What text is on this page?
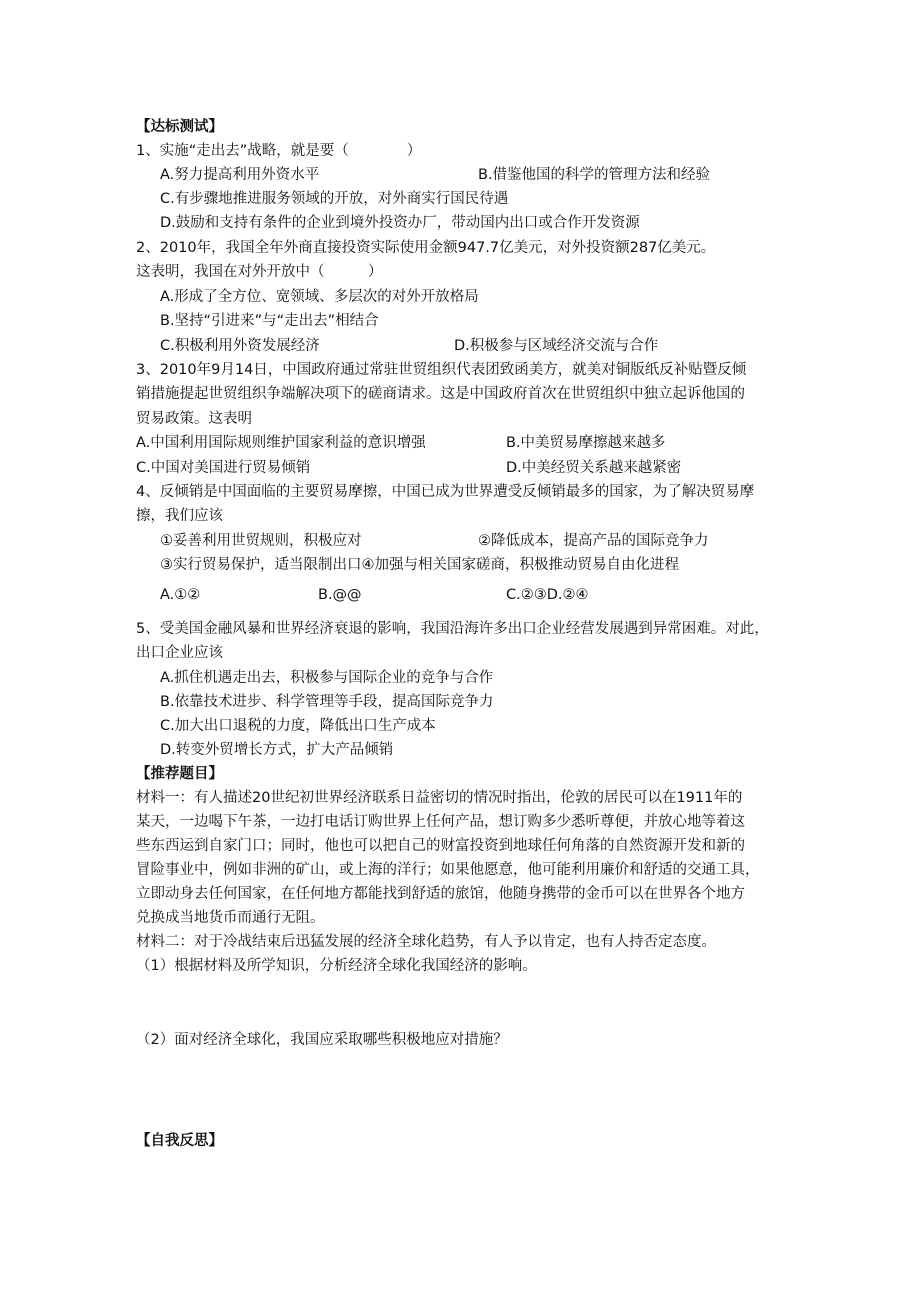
【达标测试】
1、实施“走出去”战略，就是要（　　　　）
A.努力提高利用外资水平	B.借鉴他国的科学的管理方法和经验
C.有步骤地推进服务领域的开放，对外商实行国民待遇
D.鼓励和支持有条件的企业到境外投资办厂，带动国内出口或合作开发资源
2、2010年，我国全年外商直接投资实际使用金额947.7亿美元，对外投资额287亿美元。
这表明，我国在对外开放中（　　　）
A.形成了全方位、宽领域、多层次的对外开放格局
B.坚持“引进来”与“走出去”相结合
C.积极利用外资发展经济	D.积极参与区域经济交流与合作
3、2010年9月14日，中国政府通过常驻世贸组织代表团致函美方，就美对铜版纸反补贴暨反倾
销措施提起世贸组织争端解决项下的磋商请求。这是中国政府首次在世贸组织中独立起诉他国的
贸易政策。这表明
A.中国利用国际规则维护国家利益的意识增强	B.中美贸易摩擦越来越多
C.中国对美国进行贸易倾销	D.中美经贸关系越来越紧密
4、反倾销是中国面临的主要贸易摩擦，中国已成为世界遭受反倾销最多的国家，为了解决贸易摩
擦，我们应该
①妥善利用世贸规则，积极应对	②降低成本，提高产品的国际竞争力
③实行贸易保护，适当限制出口④加强与相关国家磋商，积极推动贸易自由化进程
A.①②	B.@@	C.②③D.②④
5、受美国金融风暴和世界经济衰退的影响，我国沿海许多出口企业经营发展遇到异常困难。对此，
出口企业应该
A.抓住机遇走出去，积极参与国际企业的竞争与合作
B.依靠技术进步、科学管理等手段，提高国际竞争力
C.加大出口退税的力度，降低出口生产成本
D.转变外贸增长方式，扩大产品倾销
【推荐题目】
材料一：有人描述20世纪初世界经济联系日益密切的情况时指出，伦敦的居民可以在1911年的
某天，一边喝下午茶，一边打电话订购世界上任何产品，想订购多少悉听尊便，并放心地等着这
些东西运到自家门口；同时，他也可以把自己的财富投资到地球任何角落的自然资源开发和新的
冒险事业中，例如非洲的矿山，或上海的洋行；如果他愿意，他可能利用廉价和舒适的交通工具，
立即动身去任何国家，在任何地方都能找到舒适的旅馆，他随身携带的金币可以在世界各个地方
兑换成当地货币而通行无阻。
材料二：对于冷战结束后迅猛发展的经济全球化趋势，有人予以肯定，也有人持否定态度。
（1）根据材料及所学知识，分析经济全球化我国经济的影响。
（2）面对经济全球化，我国应采取哪些积极地应对措施？
【自我反思】
